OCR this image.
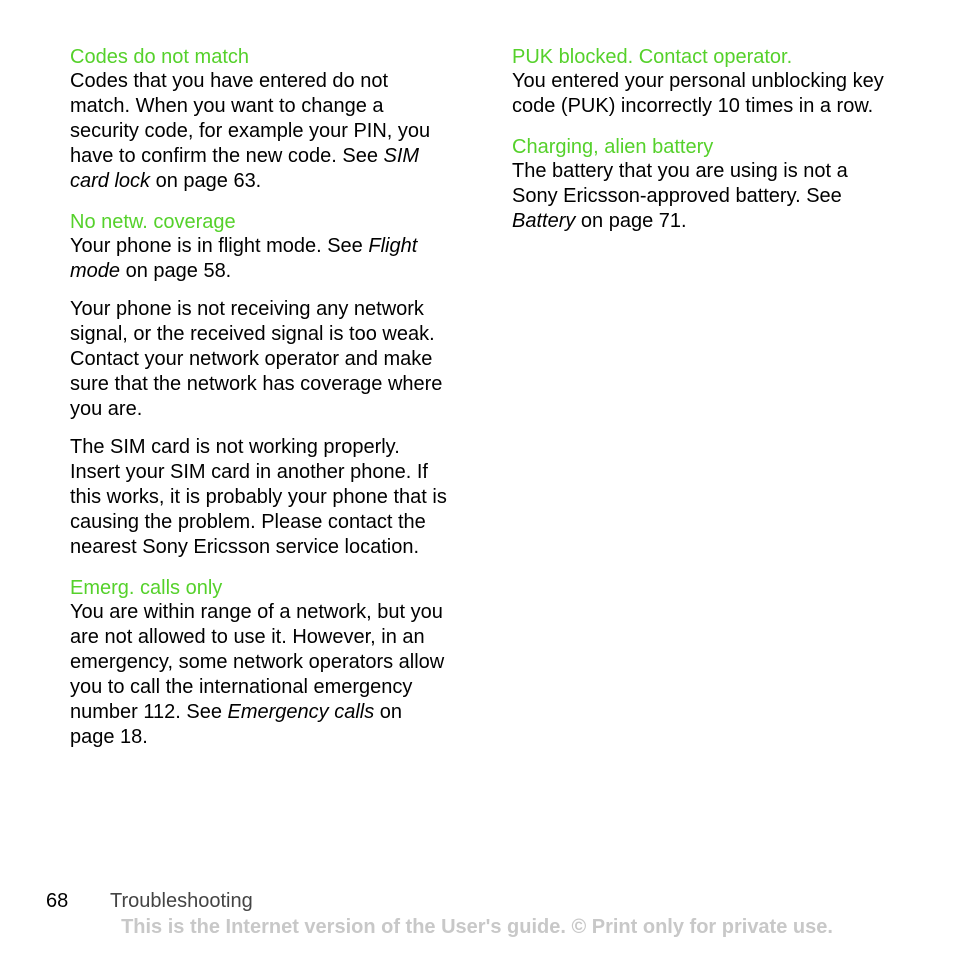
Codes do not match

Codes that you have entered do not match. When you want to change a security code, for example your PIN, you have to confirm the new code. See SIM card lock on page 63.

No netw. coverage

Your phone is in flight mode. See Flight mode on page 58.

Your phone is not receiving any network signal, or the received signal is too weak. Contact your network operator and make sure that the network has coverage where you are.

The SIM card is not working properly. Insert your SIM card in another phone. If this works, it is probably your phone that is causing the problem. Please contact the nearest Sony Ericsson service location.

Emerg. calls only

You are within range of a network, but you are not allowed to use it. However, in an emergency, some network operators allow you to call the international emergency number 112. See Emergency calls on page 18.

PUK blocked. Contact operator.

You entered your personal unblocking key code (PUK) incorrectly 10 times in a row.

Charging, alien battery

The battery that you are using is not a Sony Ericsson-approved battery. See Battery on page 71.

68 Troubleshooting
This is the Internet version of the User's guide. © Print only for private use.
